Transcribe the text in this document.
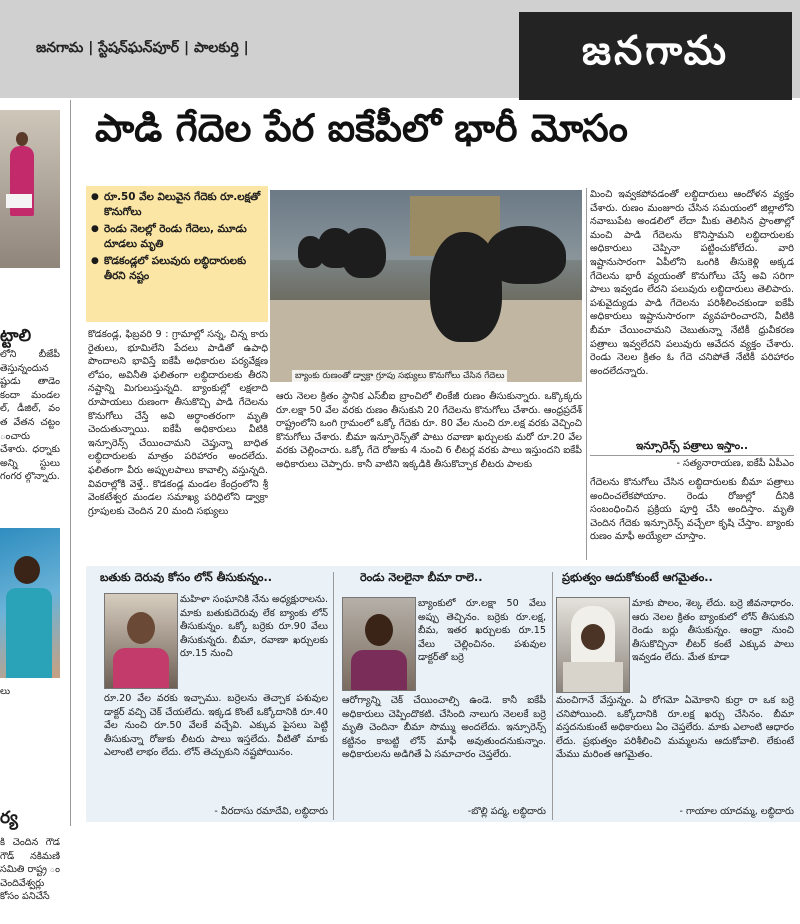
జనగామ | స్టేషన్‌ఘన్‌పూర్ | పాలకుర్తి |	జనగామ
ట్టాలి
లోని బీజేపీ తెస్తున్నందున ష్టుడు తాడెం కందా మండల ల్, డీజిల్, వం త వేతన చట్టం ంచారు చేశారు. ధర్నాకు అన్ని స్టులు గంగర ల్గొన్నారు.
లు
ర్య
కి చెందిన గౌడ గౌడ్‌ నకిమణి సమితి రాష్ట్ర ం చెందివేశ్వర్లు కోసం పనిచేసే
పాడి గేదెల పేర ఐకేపీలో భారీ మోసం
● రూ.50 వేల విలువైన గేదెకు రూ.లక్షతో కొనుగోలు
● రెండు నెలల్లో రెండు గేదెలు, మూడు దూడలు మృతి
● కొడకండ్లలో పలువురు లబ్ధిదారులకు తీరని నష్టం
బ్యాంకు రుణంతో డ్వాక్రా గ్రూపు సభ్యులు కొనుగోలు చేసిన గేదెలు
కొడకండ్ల, ఫిబ్రవరి 9 : గ్రామాల్లో సన్న, చిన్న కారు రైతులు, భూమిలేని పేదలు పాడితో ఉపాధి పొందాలని భావిస్తే ఐకేపీ అధికారుల పర్యవేక్షణ లోపం, అవినీతి ఫలితంగా లబ్ధిదారులకు తీరని నష్టాన్ని మిగులుస్తున్నది. బ్యాంకుల్లో లక్షలాది రూపాయలు రుణంగా తీసుకొచ్చి పాడి గేదెలను కొనుగోలు చేస్తే అవి అర్ధాంతరంగా మృతి చెందుతున్నాయి. ఐకేపీ అధికారులు వీటికి ఇన్సూరెన్స్‌ చేయించామని చెప్తున్నా బాధిత లబ్ధిదారులకు మాత్రం పరిహారం అందలేదు. ఫలితంగా వీరు అప్పులపాలు కావాల్సి వస్తున్నది. వివరాల్లోకి వెళ్తే.. కొడకండ్ల మండల కేంద్రంలోని శ్రీ వెంకటేశ్వర మండల సమాఖ్య పరిధిలోని డ్వాక్రా గ్రూపులకు చెందిన 20 మంది సభ్యులు
ఆరు నెలల క్రితం స్థానిక ఎస్‌బీఐ బ్రాంచిలో లింకేజీ రుణం తీసుకున్నారు. ఒక్కొక్కరు రూ.లక్షా 50 వేల వరకు రుణం తీసుకుని 20 గేదెలను కొనుగోలు చేశారు. ఆంధ్రప్రదేశ్‌ రాష్ట్రంలోని ఒంగి గ్రామంలో ఒక్కో గేదెకు రూ. 80 వేల నుంచి రూ.లక్ష వరకు వెచ్చించి కొనుగోలు చేశారు. బీమా ఇన్సూరెన్స్‌తో పాటు రవాణా ఖర్చులకు మరో రూ.20 వేల వరకు చెల్లించారు. ఒక్కో గేదె రోజుకు 4 నుంచి 6 లీటర్ల వరకు పాలు ఇస్తుందని ఐకేపీ అధికారులు చెప్పారు. కానీ వాటిని ఇక్కడికి తీసుకొచ్చాక లీటరు పాలకు
మించి ఇవ్వకపోవడంతో లబ్ధిదారులు ఆందోళన వ్యక్తం చేశారు. రుణం మంజూరు చేసిన సమయంలో జిల్లాలోని నవాబుపేట అండలిలో లేదా మీకు తెలిసిన ప్రాంతాల్లో మంచి పాడి గేదెలను కొనిస్తామని లబ్ధిదారులకు అధికారులు చెప్పినా పట్టించుకోలేదు. వారి ఇష్టానుసారంగా ఏపీలోని ఒంగికి తీసుకెళ్లి అక్కడ గేదెలను భారీ వ్యయంతో కొనుగోలు చేస్తే అవి సరిగా పాలు ఇవ్వడం లేదని పలువురు లబ్ధిదారులు తెలిపారు. పశువైద్యుడు పాడి గేదెలను పరిశీలించకుండా ఐకేపీ అధికారులు ఇష్టానుసారంగా వ్యవహరించారని, వీటికి బీమా చేయించామని చెబుతున్నా నేటికీ ధ్రువీకరణ పత్రాలు ఇవ్వలేదని పలువురు ఆవేదన వ్యక్తం చేశారు. రెండు నెలల క్రితం ఓ గేదె చనిపోతే నేటికీ పరిహారం అందలేదన్నారు.
ఇన్సూరెన్స్‌ పత్రాలు ఇస్తాం..
- సత్యనారాయణ, ఐకేపీ ఏపీఎం
గేదెలను కొనుగోలు చేసిన లబ్ధిదారులకు బీమా పత్రాలు అందించలేకపోయాం. రెండు రోజుల్లో దీనికి సంబంధించిన ప్రక్రియ పూర్తి చేసి అందిస్తాం. మృతి చెందిన గేదెకు ఇన్సూరెన్స్‌ వచ్చేలా కృషి చేస్తాం. బ్యాంకు రుణం మాఫీ అయ్యేలా చూస్తాం.
బతుకు దెరువు కోసం లోన్‌ తీసుకున్నం..
మహిళా సంఘానికి నేను అధ్యక్షురాలను. మాకు బతుకుదెరువు లేక బ్యాంకు లోన్‌ తీసుకున్నం. ఒక్కో బర్రెకు రూ.90 వేలు తీసుకున్నరు. బీమా, రవాణా ఖర్చులకు రూ.15 నుంచి
రూ.20 వేల వరకు ఇచ్చాము. బర్రెలను తెచ్చాక పశువుల డాక్టర్‌ వచ్చి చెక్‌ చేయలేదు. ఇక్కడ కొంటే ఒక్కోదానికి రూ.40 వేల నుంచి రూ.50 వేలకే వచ్చేవి. ఎక్కువ పైసలు పెట్టి తీసుకున్నా రోజుకు లీటరు పాలు ఇస్తలేదు. వీటితో మాకు ఎలాంటి లాభం లేదు. లోన్‌ తెచ్చుకుని నష్టపోయినం.
- వీరదాసు రమాదేవి, లబ్ధిదారు
రెండు నెలలైనా బీమా రాలె..
బ్యాంకులో రూ.లక్షా 50 వేలు అప్పు తెచ్చినం. బర్రెకు రూ.లక్ష, బీమ, ఇతర ఖర్చులకు రూ.15 వేలు చెల్లించినం. పశువుల డాక్టర్‌తో బర్రె
ఆరోగ్యాన్ని చెక్‌ చేయించాల్సి ఉండె. కానీ ఐకేపీ అధికారులు చెప్పిందొకటి. చేసింది నాలుగు నెలలకే బర్రె మృతి చెందినా బీమా సొమ్ము అందలేదు. ఇన్సూరెన్స్‌ కట్టినం కాబట్టి లోన్‌ మాఫీ అవుతుందనుకున్నాం. అధికారులను అడిగితే ఏ సమాచారం చెప్తలేరు.
-బొల్లి పద్మ, లబ్ధిదారు
ప్రభుత్వం ఆదుకోకుంటే ఆగమైతం..
మాకు పొలం, శెల్క లేదు. బర్రె జీవనాధారం. ఆరు నెలల క్రితం బ్యాంకులో లోన్‌ తీసుకుని రెండు బర్లు తీసుకున్నం. ఆంధ్రా నుంచి తీసుకొచ్చినా లీటర్‌ కంటే ఎక్కువ పాలు ఇవ్వడం లేదు. మేత కూడా
మంచిగానే వేస్తున్నం. ఏ రోగమో ఏమోకాని కుర్రా రా ఒక బర్రె చనిపోయింది. ఒక్కోదానికి రూ.లక్ష ఖర్చు చేసినం. బీమా వస్తదనుకుంటే అధికారులు ఏం చెప్తలేరు. మాకు ఎలాంటి ఆధారం లేదు. ప్రభుత్వం పరిశీలించి మమ్మలను ఆదుకోవాలి. లేకుంటే మేము మరింత ఆగమైతం.
- గాయాల యాదమ్మ, లబ్ధిదారు
